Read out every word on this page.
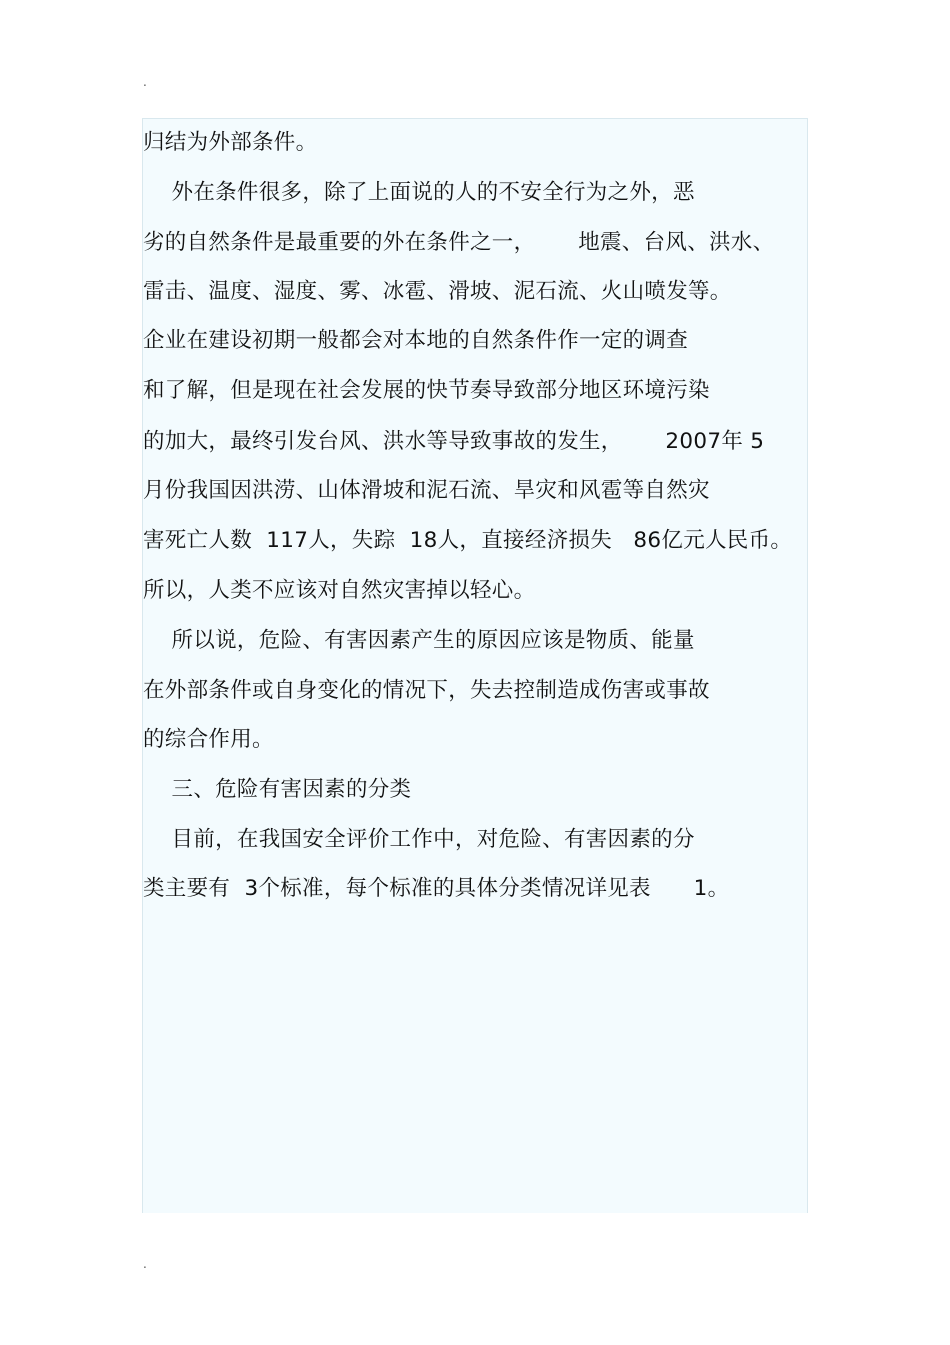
.
归结为外部条件。
外在条件很多，除了上面说的人的不安全行为之外，恶
劣的自然条件是最重要的外在条件之一，      地震、台风、洪水、
雷击、温度、湿度、雾、冰雹、滑坡、泥石流、火山喷发等。
企业在建设初期一般都会对本地的自然条件作一定的调查
和了解，但是现在社会发展的快节奏导致部分地区环境污染
的加大，最终引发台风、洪水等导致事故的发生，      2007年 5
月份我国因洪涝、山体滑坡和泥石流、旱灾和风雹等自然灾
害死亡人数  117人，失踪  18人，直接经济损失   86亿元人民币。
所以，人类不应该对自然灾害掉以轻心。
所以说，危险、有害因素产生的原因应该是物质、能量
在外部条件或自身变化的情况下，失去控制造成伤害或事故
的综合作用。
三、危险有害因素的分类
目前，在我国安全评价工作中，对危险、有害因素的分
类主要有  3个标准，每个标准的具体分类情况详见表      1。
.
